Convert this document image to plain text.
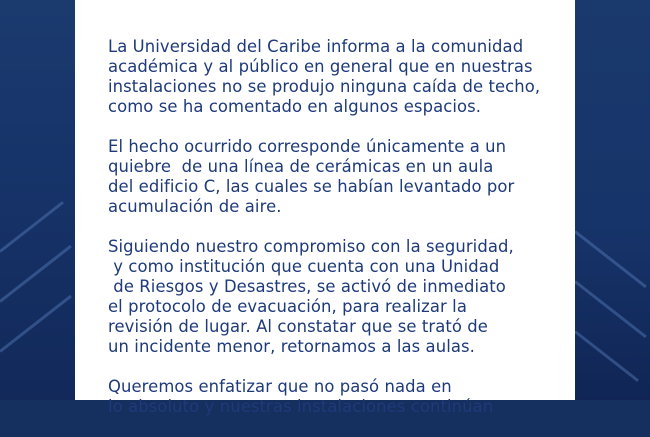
La Universidad del Caribe informa a la comunidad
académica y al público en general que en nuestras
instalaciones no se produjo ninguna caída de techo,
como se ha comentado en algunos espacios.

El hecho ocurrido corresponde únicamente a un
quiebre  de una línea de cerámicas en un aula
del edificio C, las cuales se habían levantado por
acumulación de aire.

Siguiendo nuestro compromiso con la seguridad,
y como institución que cuenta con una Unidad
de Riesgos y Desastres, se activó de inmediato
el protocolo de evacuación, para realizar la
revisión de lugar. Al constatar que se trató de
un incidente menor, retornamos a las aulas.

Queremos enfatizar que no pasó nada en
lo absoluto y nuestras instalaciones continúan
